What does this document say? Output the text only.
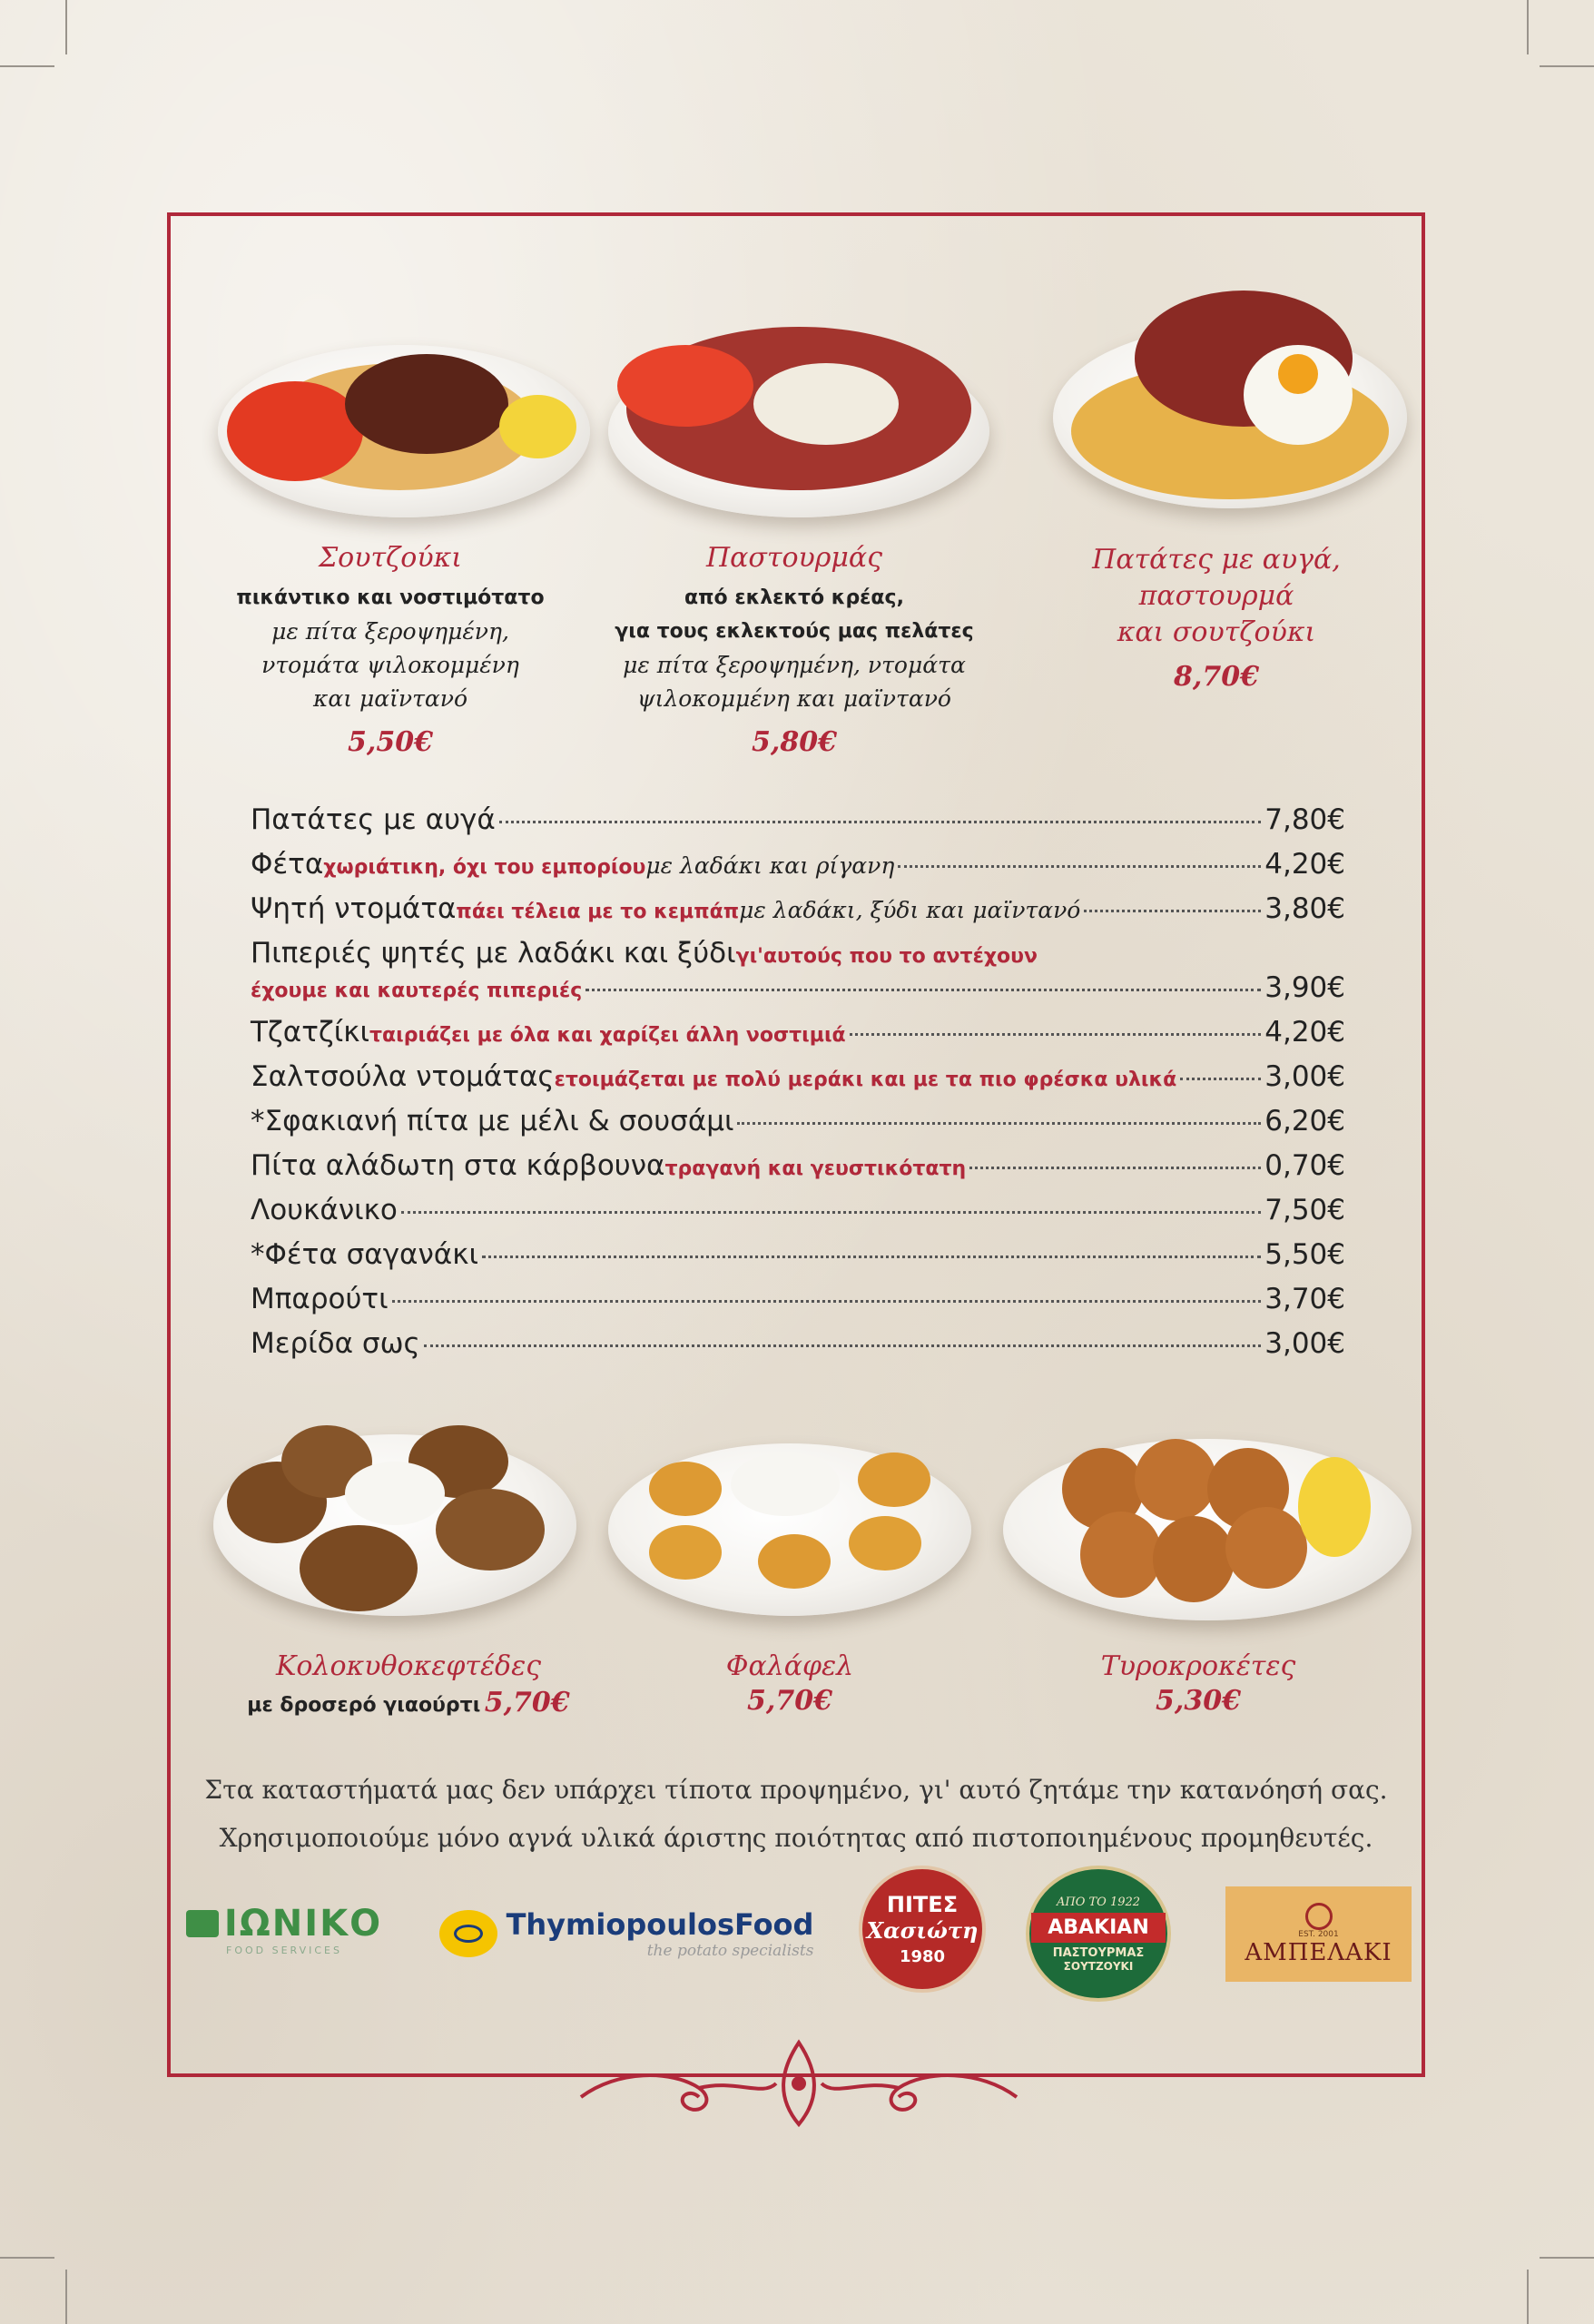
Σουτζούκι
πικάντικο και νοστιμότατο
με πίτα ξεροψημένη,
ντομάτα ψιλοκομμένη
και μαϊντανό
5,50€
Παστουρμάς
από εκλεκτό κρέας,
για τους εκλεκτούς μας πελάτες
με πίτα ξεροψημένη, ντομάτα
ψιλοκομμένη και μαϊντανό
5,80€
Πατάτες με αυγά,
παστουρμά
και σουτζούκι
8,70€
Πατάτες με αυγά	7,80€
Φέτα χωριάτικη, όχι του εμπορίου με λαδάκι και ρίγανη	4,20€
Ψητή ντομάτα πάει τέλεια με το κεμπάπ με λαδάκι, ξύδι και μαϊντανό	3,80€
Πιπεριές ψητές με λαδάκι και ξύδι γι'αυτούς που το αντέχουν
έχουμε και καυτερές πιπεριές	3,90€
Τζατζίκι ταιριάζει με όλα και χαρίζει άλλη νοστιμιά	4,20€
Σαλτσούλα ντομάτας ετοιμάζεται με πολύ μεράκι και με τα πιο φρέσκα υλικά	3,00€
*Σφακιανή πίτα με μέλι & σουσάμι	6,20€
Πίτα αλάδωτη στα κάρβουνα τραγανή και γευστικότατη	0,70€
Λουκάνικο	7,50€
*Φέτα σαγανάκι	5,50€
Μπαρούτι	3,70€
Μερίδα σως	3,00€
Κολοκυθοκεφτέδες
με δροσερό γιαούρτι 5,70€
Φαλάφελ
5,70€
Τυροκροκέτες
5,30€
Στα καταστήματά μας δεν υπάρχει τίποτα προψημένο, γι' αυτό ζητάμε την κατανόησή σας.
Χρησιμοποιούμε μόνο αγνά υλικά άριστης ποιότητας από πιστοποιημένους προμηθευτές.
ΙΩΝΙΚΟ
FOOD SERVICES
ThymiopoulosFood
the potato specialists
ΠΙΤΕΣ
Χασιώτη
1980
ΑΠΟ ΤΟ 1922
ΑΒΑΚΙΑΝ
ΠΑΣΤΟΥΡΜΑΣ
ΣΟΥΤΖΟΥΚΙ
EST. 2001
ΑΜΠΕΛΑΚΙ
